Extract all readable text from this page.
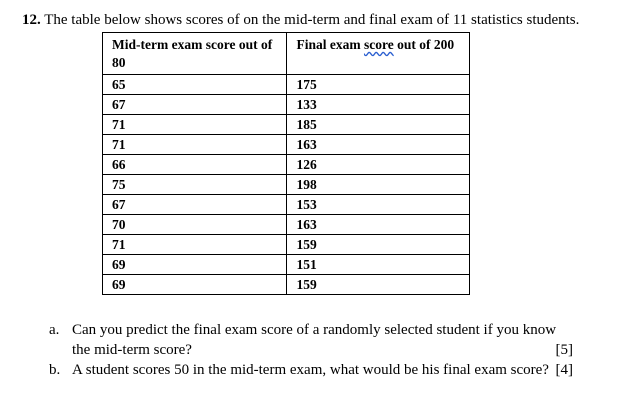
12. The table below shows scores of on the mid-term and final exam of 11 statistics students.
Mid-term exam score out of 80	Final exam score out of 200
65	175
67	133
71	185
71	163
66	126
75	198
67	153
70	163
71	159
69	151
69	159
a. Can you predict the final exam score of a randomly selected student if you know the mid-term score?	[5]
b. A student scores 50 in the mid-term exam, what would be his final exam score? [4]
